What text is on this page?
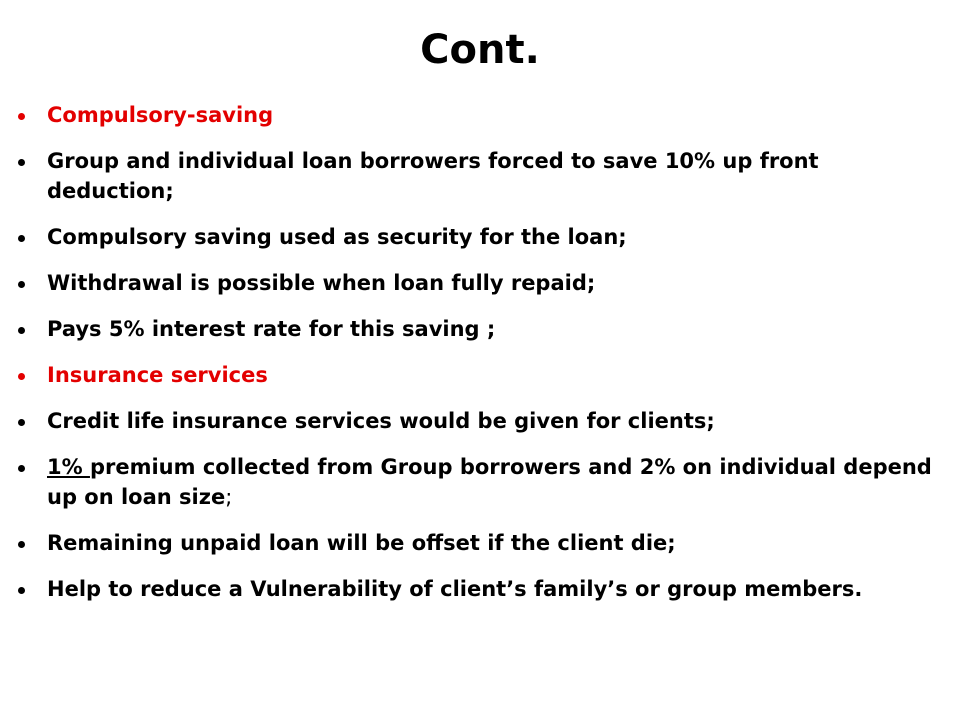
Cont.
Compulsory-saving
Group and individual loan borrowers forced to save 10% up front deduction;
Compulsory saving used as security for the loan;
Withdrawal is possible when loan fully repaid;
Pays 5% interest rate for this saving ;
Insurance services
Credit life insurance services would be given for clients;
1% premium collected from Group borrowers and 2% on individual depend up on loan size;
Remaining unpaid loan will be offset if the client die;
Help to reduce a Vulnerability of client’s family’s or group members.
